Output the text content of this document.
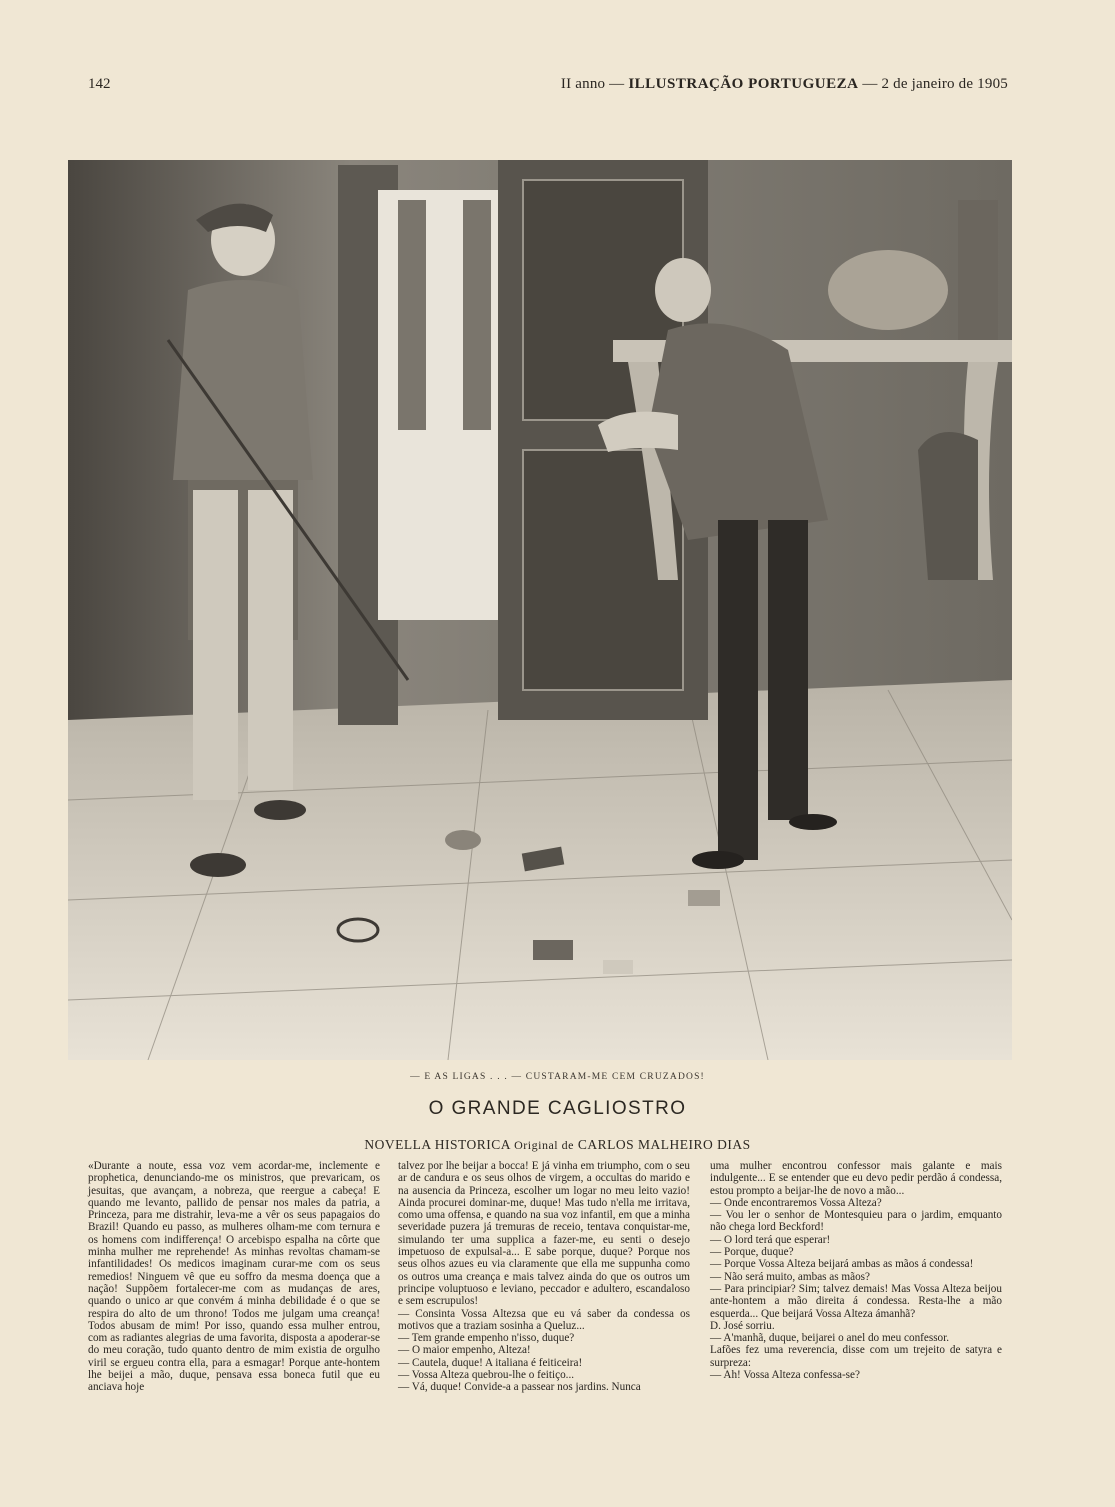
142	II anno — ILLUSTRAÇÃO PORTUGUEZA — 2 de janeiro de 1905
— E AS LIGAS . . . — CUSTARAM-ME CEM CRUZADOS!
O GRANDE CAGLIOSTRO
NOVELLA HISTORICA Original de CARLOS MALHEIRO DIAS

«Durante a noute, essa voz vem acordar-me, inclemente e prophetica, denunciando-me os ministros, que prevaricam, os jesuitas, que avançam, a nobreza, que reergue a cabeça! E quando me levanto, pallido de pensar nos males da patria, a Princeza, para me distrahir, leva-me a vêr os seus papagaios do Brazil! Quando eu passo, as mulheres olham-me com ternura e os homens com indifferença! O arcebispo espalha na côrte que minha mulher me reprehende! As minhas revoltas chamam-se infantilidades! Os medicos imaginam curar-me com os seus remedios! Ninguem vê que eu soffro da mesma doença que a nação! Suppõem fortalecer-me com as mudanças de ares, quando o unico ar que convém á minha debilidade é o que se respira do alto de um throno! Todos me julgam uma creança! Todos abusam de mim! Por isso, quando essa mulher entrou, com as radiantes alegrias de uma favorita, disposta a apoderar-se do meu coração, tudo quanto dentro de mim existia de orgulho viril se ergueu contra ella, para a esmagar! Porque ante-hontem lhe beijei a mão, duque, pensava essa boneca futil que eu anciava hoje

talvez por lhe beijar a bocca! E já vinha em triumpho, com o seu ar de candura e os seus olhos de virgem, a occultas do marido e na ausencia da Princeza, escolher um logar no meu leito vazio! Ainda procurei dominar-me, duque! Mas tudo n'ella me irritava, como uma offensa, e quando na sua voz infantil, em que a minha severidade puzera já tremuras de receio, tentava conquistar-me, simulando ter uma supplica a fazer-me, eu senti o desejo impetuoso de expulsal-a... E sabe porque, duque? Porque nos seus olhos azues eu via claramente que ella me suppunha como os outros uma creança e mais talvez ainda do que os outros um principe voluptuoso e leviano, peccador e adultero, escandaloso e sem escrupulos!
— Consinta Vossa Altezsa que eu vá saber da condessa os motivos que a traziam sosinha a Queluz...
— Tem grande empenho n'isso, duque?
— O maior empenho, Alteza!
— Cautela, duque! A italiana é feiticeira!
— Vossa Alteza quebrou-lhe o feitiço...
— Vá, duque! Convide-a a passear nos jardins. Nunca

uma mulher encontrou confessor mais galante e mais indulgente... E se entender que eu devo pedir perdão á condessa, estou prompto a beijar-lhe de novo a mão...
— Onde encontraremos Vossa Alteza?
— Vou ler o senhor de Montesquieu para o jardim, emquanto não chega lord Beckford!
— O lord terá que esperar!
— Porque, duque?
— Porque Vossa Alteza beijará ambas as mãos á condessa!
— Não será muito, ambas as mãos?
— Para principiar? Sim; talvez demais! Mas Vossa Alteza beijou ante-hontem a mão direita á condessa. Resta-lhe a mão esquerda... Que beijará Vossa Alteza ámanhã?
D. José sorriu.
— A'manhã, duque, beijarei o anel do meu confessor.
Lafões fez uma reverencia, disse com um trejeito de satyra e surpreza:
— Ah! Vossa Alteza confessa-se?
